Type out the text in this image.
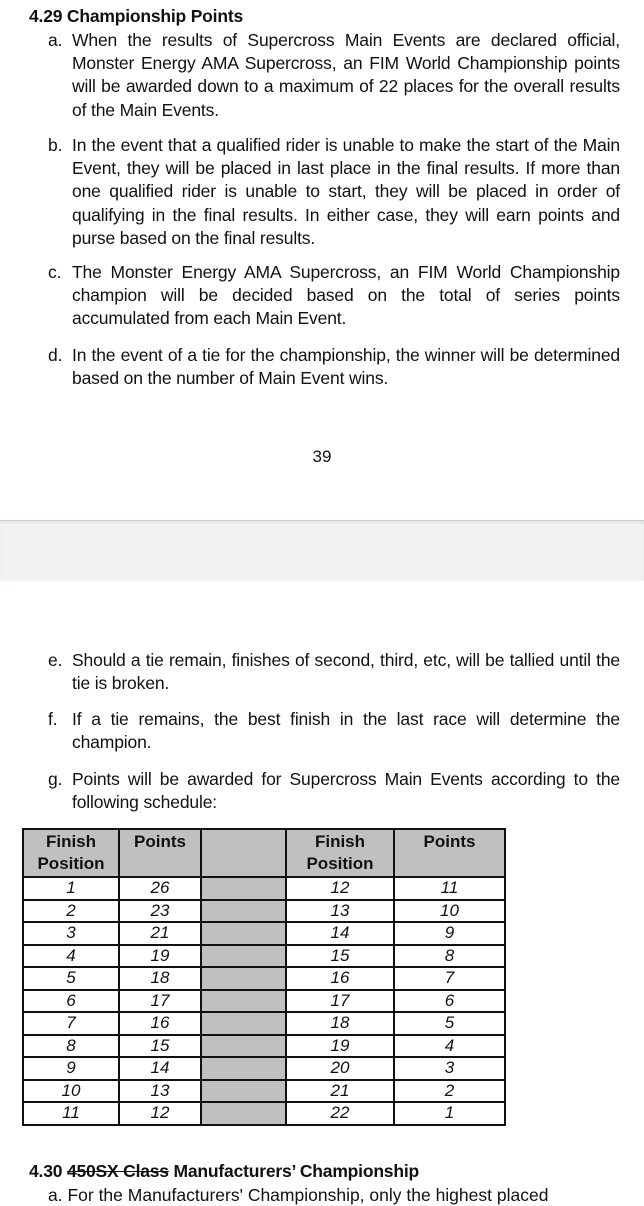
4.29 Championship Points
a. When the results of Supercross Main Events are declared official, Monster Energy AMA Supercross, an FIM World Championship points will be awarded down to a maximum of 22 places for the overall results of the Main Events.
b. In the event that a qualified rider is unable to make the start of the Main Event, they will be placed in last place in the final results. If more than one qualified rider is unable to start, they will be placed in order of qualifying in the final results. In either case, they will earn points and purse based on the final results.
c. The Monster Energy AMA Supercross, an FIM World Championship champion will be decided based on the total of series points accumulated from each Main Event.
d. In the event of a tie for the championship, the winner will be determined based on the number of Main Event wins.
39
e. Should a tie remain, finishes of second, third, etc, will be tallied until the tie is broken.
f. If a tie remains, the best finish in the last race will determine the champion.
g. Points will be awarded for Supercross Main Events according to the following schedule:
Finish Position	Points		Finish Position	Points
1	26		12	11
2	23		13	10
3	21		14	9
4	19		15	8
5	18		16	7
6	17		17	6
7	16		18	5
8	15		19	4
9	14		20	3
10	13		21	2
11	12		22	1
4.30 450SX Class Manufacturers’ Championship
a. For the Manufacturers' Championship, only the highest placed
